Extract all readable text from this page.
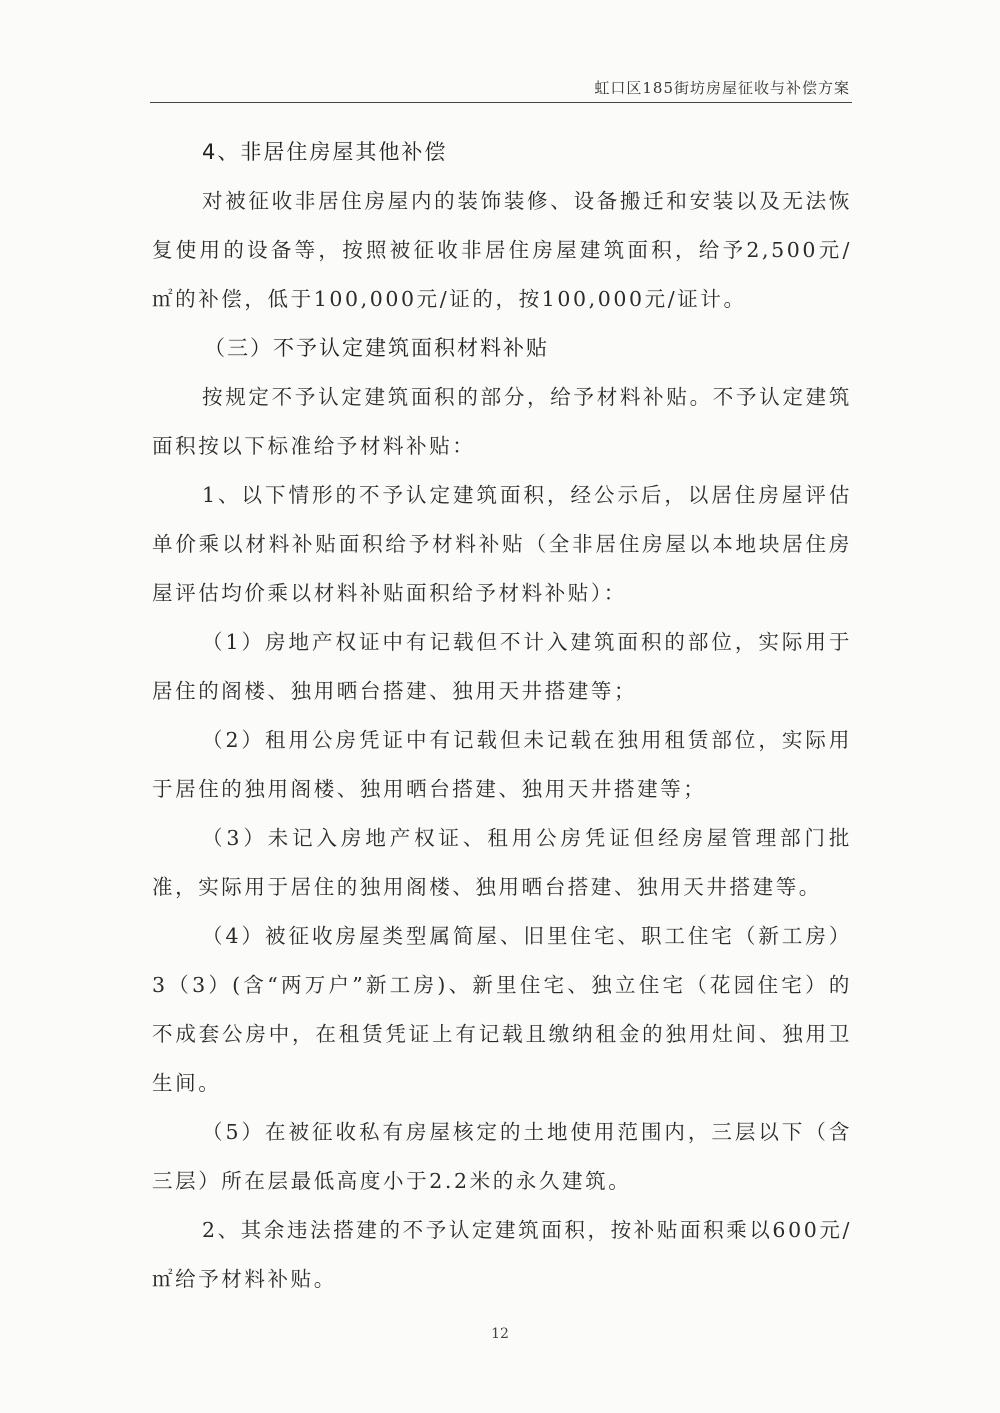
虹口区185街坊房屋征收与补偿方案

4、非居住房屋其他补偿

对被征收非居住房屋内的装饰装修、设备搬迁和安装以及无法恢复使用的设备等，按照被征收非居住房屋建筑面积，给予2,500元/㎡的补偿，低于100,000元/证的，按100,000元/证计。

（三）不予认定建筑面积材料补贴

按规定不予认定建筑面积的部分，给予材料补贴。不予认定建筑面积按以下标准给予材料补贴：

1、以下情形的不予认定建筑面积，经公示后，以居住房屋评估单价乘以材料补贴面积给予材料补贴（全非居住房屋以本地块居住房屋评估均价乘以材料补贴面积给予材料补贴）：

（1）房地产权证中有记载但不计入建筑面积的部位，实际用于居住的阁楼、独用晒台搭建、独用天井搭建等；

（2）租用公房凭证中有记载但未记载在独用租赁部位，实际用于居住的独用阁楼、独用晒台搭建、独用天井搭建等；

（3）未记入房地产权证、租用公房凭证但经房屋管理部门批准，实际用于居住的独用阁楼、独用晒台搭建、独用天井搭建等。

（4）被征收房屋类型属简屋、旧里住宅、职工住宅（新工房）3（3）(含“两万户”新工房)、新里住宅、独立住宅（花园住宅）的不成套公房中，在租赁凭证上有记载且缴纳租金的独用灶间、独用卫生间。

（5）在被征收私有房屋核定的土地使用范围内，三层以下（含三层）所在层最低高度小于2.2米的永久建筑。

2、其余违法搭建的不予认定建筑面积，按补贴面积乘以600元/㎡给予材料补贴。

12
